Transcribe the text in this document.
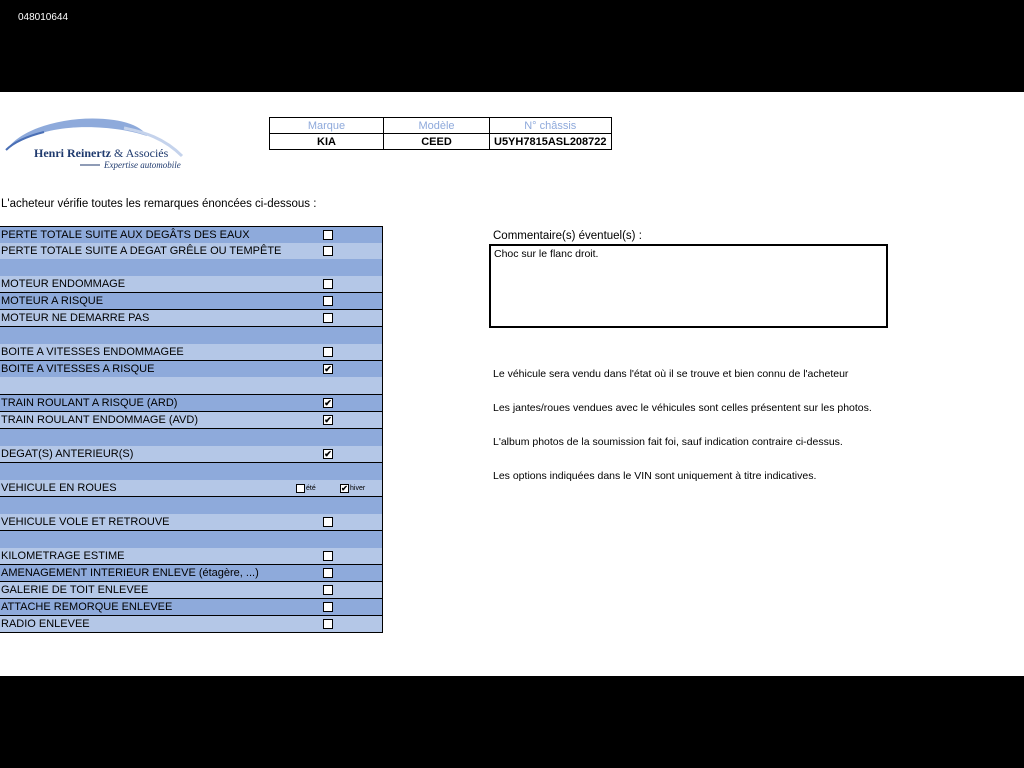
048010644
Henri Reinertz & Associés
Expertise automobile
Marque	Modèle	N° châssis
KIA	CEED	U5YH7815ASL208722
L'acheteur vérifie toutes les remarques énoncées ci-dessous :
PERTE TOTALE SUITE AUX DEGÂTS DES EAUX
PERTE TOTALE SUITE A DEGAT GRÊLE OU TEMPÊTE
MOTEUR ENDOMMAGE
MOTEUR A RISQUE
MOTEUR NE DEMARRE PAS
BOITE A VITESSES ENDOMMAGEE
BOITE A VITESSES A RISQUE	✔
TRAIN ROULANT A RISQUE (ARD)	✔
TRAIN ROULANT ENDOMMAGE (AVD)	✔
DEGAT(S) ANTERIEUR(S)	✔
VEHICULE EN ROUES	été	✔ hiver
VEHICULE VOLE ET RETROUVE
KILOMETRAGE ESTIME
AMENAGEMENT INTERIEUR ENLEVE (étagère, ...)
GALERIE DE TOIT ENLEVEE
ATTACHE REMORQUE ENLEVEE
RADIO ENLEVEE
Commentaire(s) éventuel(s) :
Choc sur le flanc droit.
Le véhicule sera vendu dans l'état où il se trouve et bien connu de l'acheteur
Les jantes/roues vendues avec le véhicules sont celles présentent sur les photos.
L'album photos de la soumission fait foi, sauf indication contraire ci-dessus.
Les options indiquées dans le VIN sont uniquement à titre indicatives.
